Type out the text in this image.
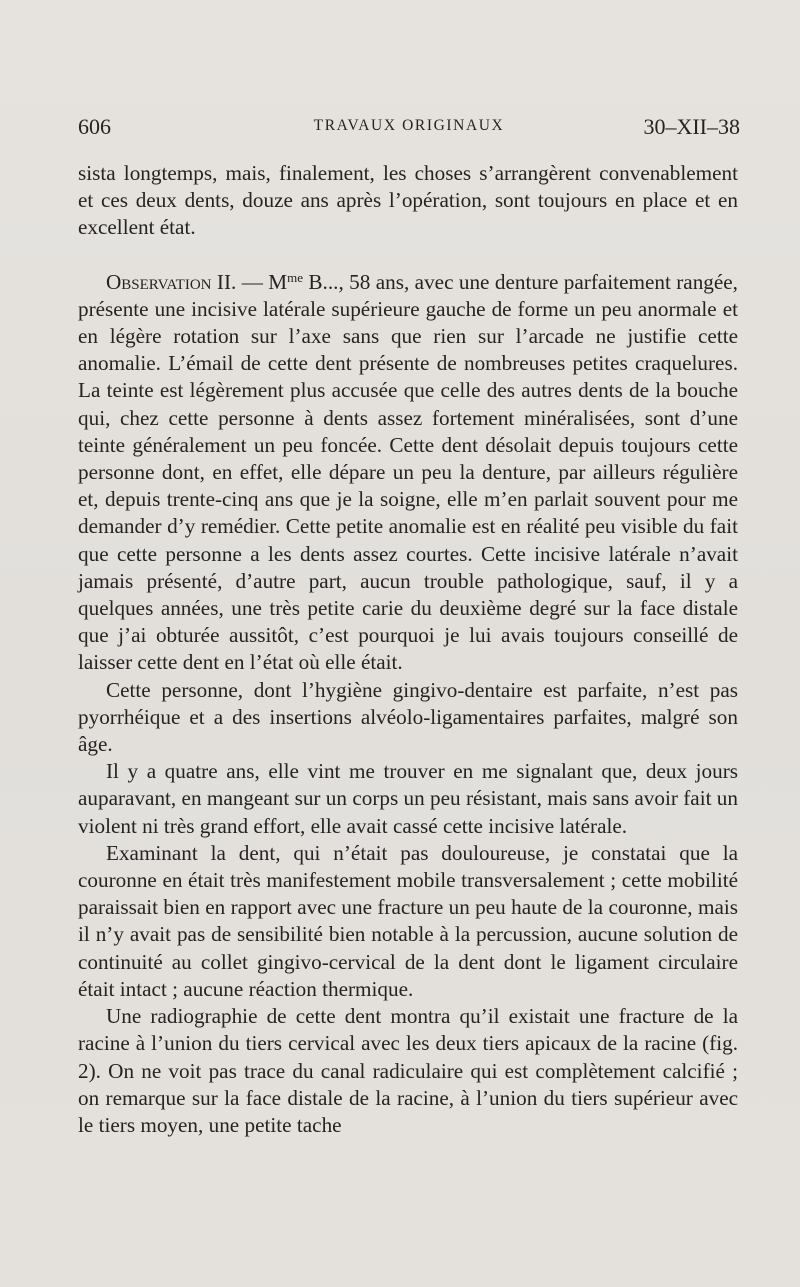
606	TRAVAUX ORIGINAUX	30–XII–38

sista longtemps, mais, finalement, les choses s’arrangèrent convenablement et ces deux dents, douze ans après l’opération, sont toujours en place et en excellent état.

Observation II. — $M^{me}$ B..., 58 ans, avec une denture parfaitement rangée, présente une incisive latérale supérieure gauche de forme un peu anormale et en légère rotation sur l’axe sans que rien sur l’arcade ne justifie cette anomalie. L’émail de cette dent présente de nombreuses petites craquelures. La teinte est légèrement plus accusée que celle des autres dents de la bouche qui, chez cette personne à dents assez fortement minéralisées, sont d’une teinte généralement un peu foncée. Cette dent désolait depuis toujours cette personne dont, en effet, elle dépare un peu la denture, par ailleurs régulière et, depuis trente-cinq ans que je la soigne, elle m’en parlait souvent pour me demander d’y remédier. Cette petite anomalie est en réalité peu visible du fait que cette personne a les dents assez courtes. Cette incisive latérale n’avait jamais présenté, d’autre part, aucun trouble pathologique, sauf, il y a quelques années, une très petite carie du deuxième degré sur la face distale que j’ai obturée aussitôt, c’est pourquoi je lui avais toujours conseillé de laisser cette dent en l’état où elle était.

Cette personne, dont l’hygiène gingivo-dentaire est parfaite, n’est pas pyorrhéique et a des insertions alvéolo-ligamentaires parfaites, malgré son âge.

Il y a quatre ans, elle vint me trouver en me signalant que, deux jours auparavant, en mangeant sur un corps un peu résistant, mais sans avoir fait un violent ni très grand effort, elle avait cassé cette incisive latérale.

Examinant la dent, qui n’était pas douloureuse, je constatai que la couronne en était très manifestement mobile transversalement ; cette mobilité paraissait bien en rapport avec une fracture un peu haute de la couronne, mais il n’y avait pas de sensibilité bien notable à la percussion, aucune solution de continuité au collet gingivo-cervical de la dent dont le ligament circulaire était intact ; aucune réaction thermique.

Une radiographie de cette dent montra qu’il existait une fracture de la racine à l’union du tiers cervical avec les deux tiers apicaux de la racine (fig. 2). On ne voit pas trace du canal radiculaire qui est complètement calcifié ; on remarque sur la face distale de la racine, à l’union du tiers supérieur avec le tiers moyen, une petite tache
